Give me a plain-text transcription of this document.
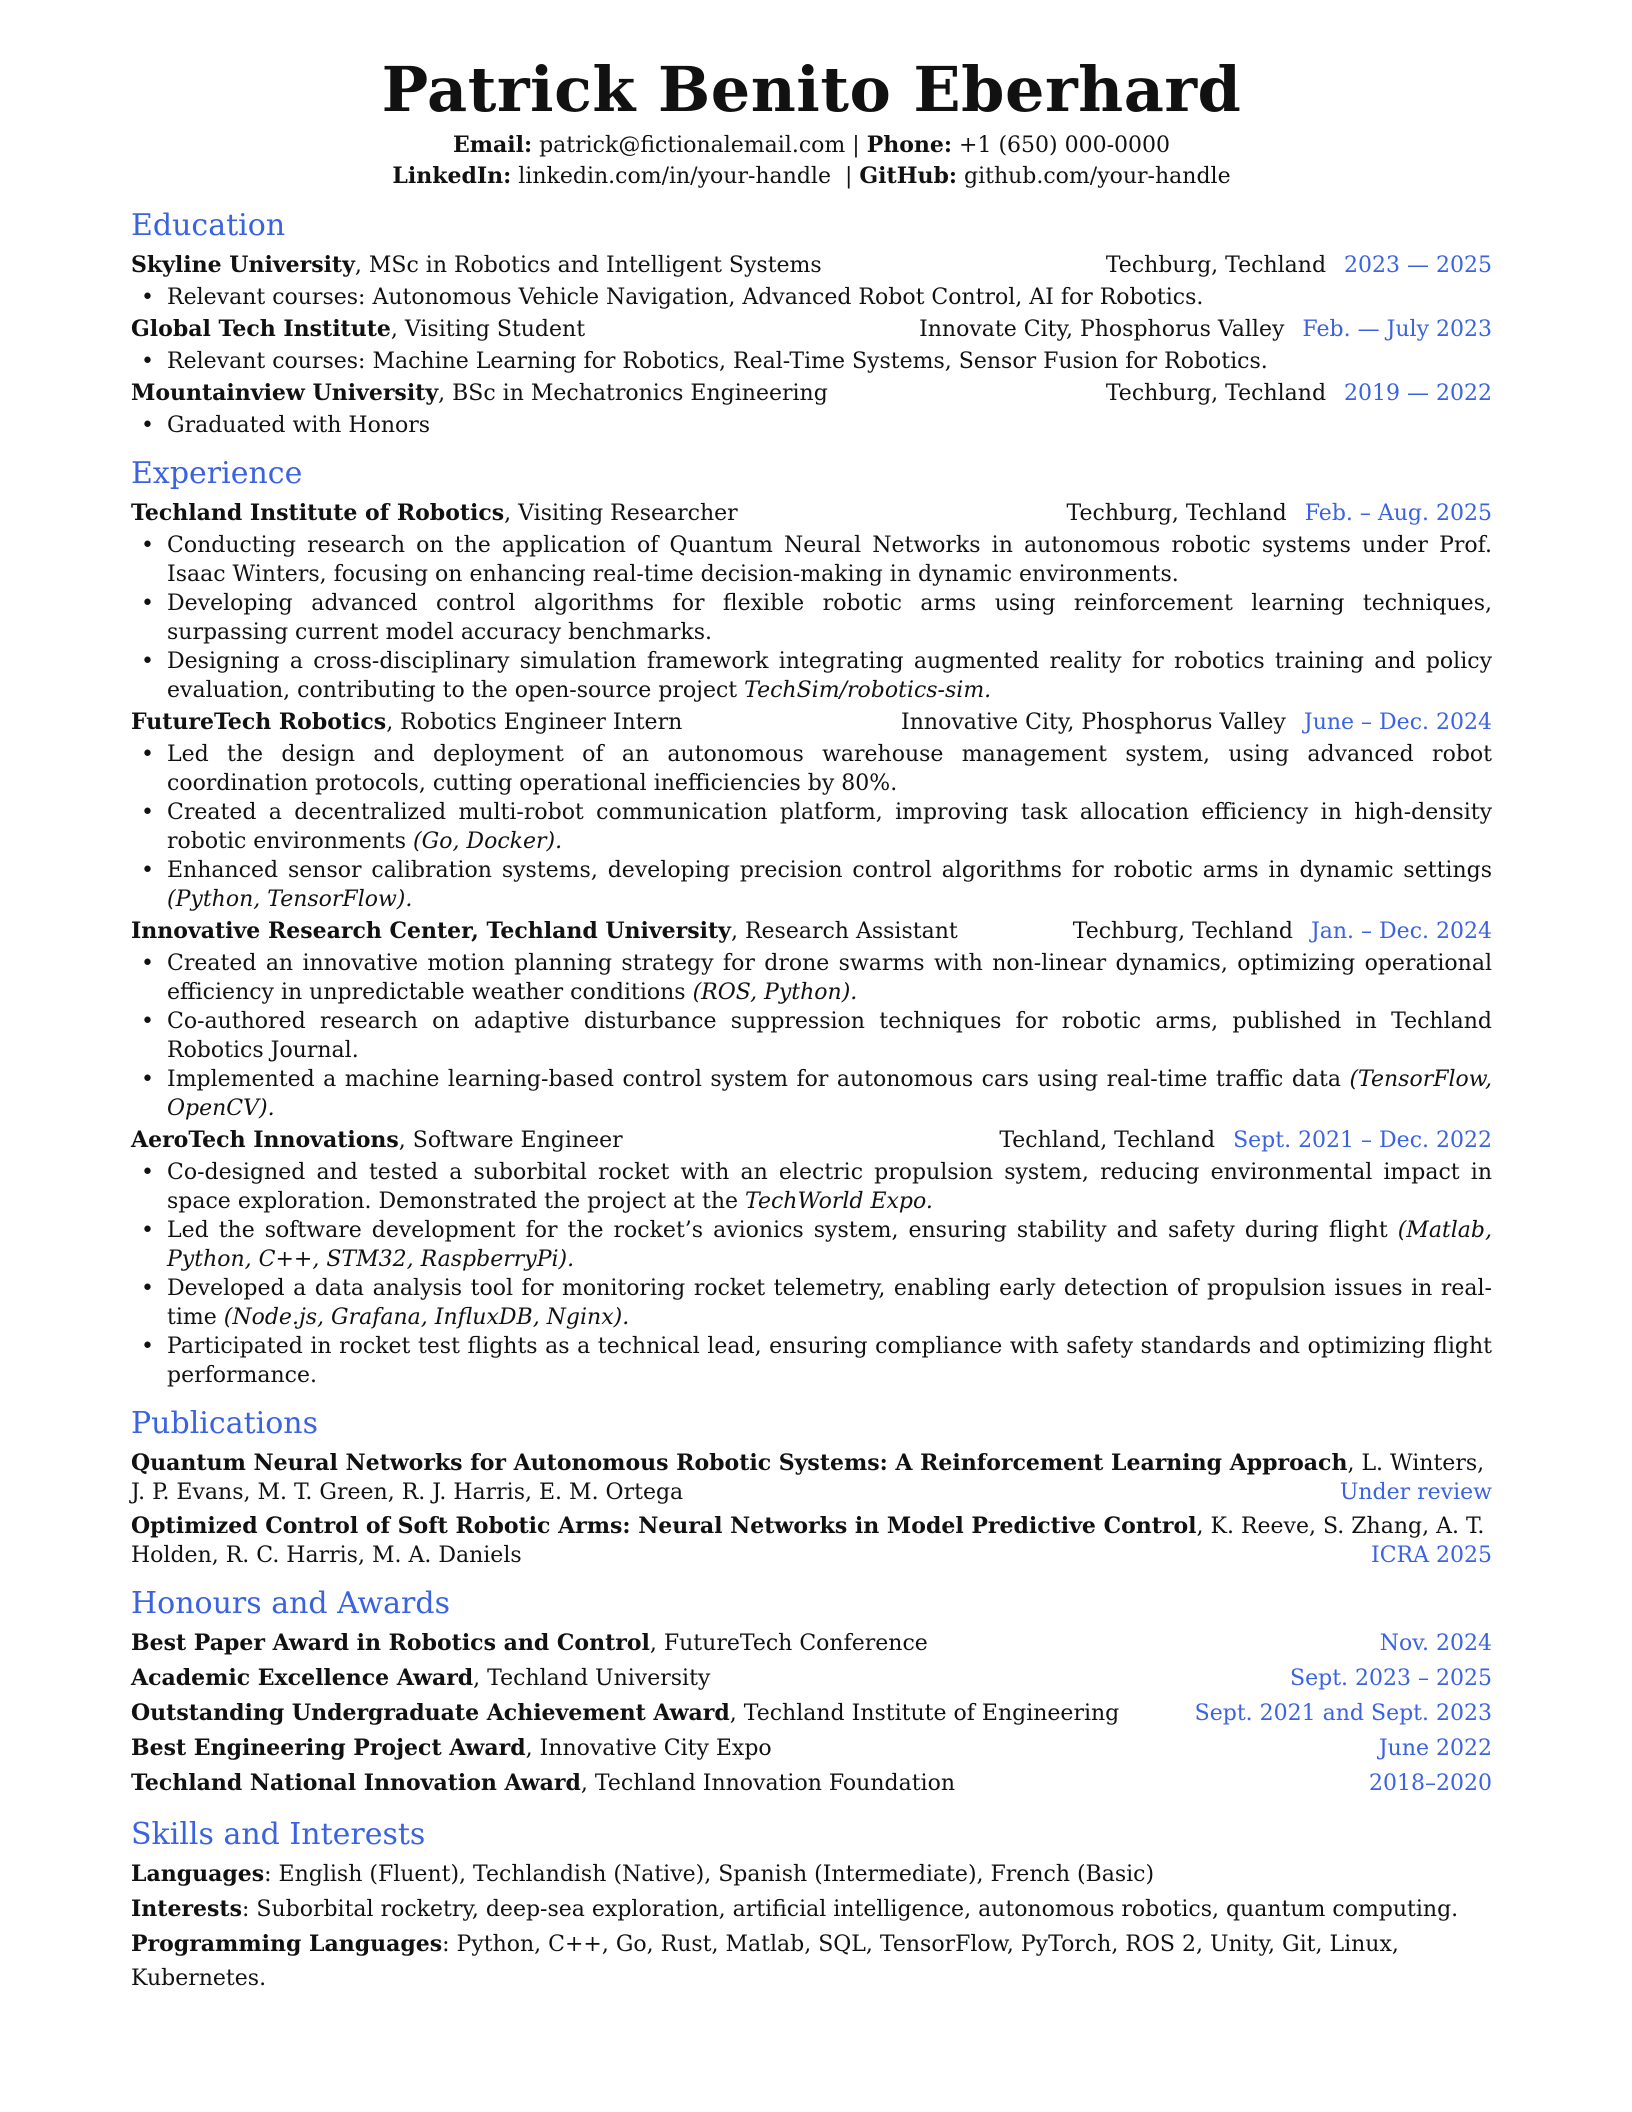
Patrick Benito Eberhard
Email: patrick@fictionalemail.com | Phone: +1 (650) 000-0000
LinkedIn: linkedin.com/in/your-handle  | GitHub: github.com/your-handle
Education
Skyline University , MSc in Robotics and Intelligent Systems	Techburg, Techland 2023 — 2025
• Relevant courses: Autonomous Vehicle Navigation, Advanced Robot Control, AI for Robotics.
Global Tech Institute , Visiting Student	Innovate City, Phosphorus Valley Feb. — July 2023
• Relevant courses: Machine Learning for Robotics, Real-Time Systems, Sensor Fusion for Robotics.
Mountainview University , BSc in Mechatronics Engineering	Techburg, Techland 2019 — 2022
• Graduated with Honors
Experience
Techland Institute of Robotics , Visiting Researcher	Techburg, Techland Feb. – Aug. 2025
• Conducting research on the application of Quantum Neural Networks in autonomous robotic systems under Prof. Isaac Winters, focusing on enhancing real-time decision-making in dynamic environments.
• Developing advanced control algorithms for flexible robotic arms using reinforcement learning techniques, surpassing current model accuracy benchmarks.
• Designing a cross-disciplinary simulation framework integrating augmented reality for robotics training and policy evaluation, contributing to the open-source project TechSim/robotics-sim.
FutureTech Robotics , Robotics Engineer Intern	Innovative City, Phosphorus Valley June – Dec. 2024
• Led the design and deployment of an autonomous warehouse management system, using advanced robot coordination protocols, cutting operational inefficiencies by 80%.
• Created a decentralized multi-robot communication platform, improving task allocation efficiency in high-density robotic environments (Go, Docker).
• Enhanced sensor calibration systems, developing precision control algorithms for robotic arms in dynamic settings (Python, TensorFlow).
Innovative Research Center, Techland University , Research Assistant	Techburg, Techland Jan. – Dec. 2024
• Created an innovative motion planning strategy for drone swarms with non-linear dynamics, optimizing operational efficiency in unpredictable weather conditions (ROS, Python).
• Co-authored research on adaptive disturbance suppression techniques for robotic arms, published in Techland Robotics Journal.
• Implemented a machine learning-based control system for autonomous cars using real-time traffic data (TensorFlow, OpenCV).
AeroTech Innovations , Software Engineer	Techland, Techland Sept. 2021 – Dec. 2022
• Co-designed and tested a suborbital rocket with an electric propulsion system, reducing environmental impact in space exploration. Demonstrated the project at the TechWorld Expo.
• Led the software development for the rocket’s avionics system, ensuring stability and safety during flight (Matlab, Python, C++, STM32, RaspberryPi).
• Developed a data analysis tool for monitoring rocket telemetry, enabling early detection of propulsion issues in real-time (Node.js, Grafana, InfluxDB, Nginx).
• Participated in rocket test flights as a technical lead, ensuring compliance with safety standards and optimizing flight performance.
Publications
Quantum Neural Networks for Autonomous Robotic Systems: A Reinforcement Learning Approach, L. Winters,
J. P. Evans, M. T. Green, R. J. Harris, E. M. Ortega	Under review
Optimized Control of Soft Robotic Arms: Neural Networks in Model Predictive Control, K. Reeve, S. Zhang, A. T.
Holden, R. C. Harris, M. A. Daniels	ICRA 2025
Honours and Awards
Best Paper Award in Robotics and Control , FutureTech Conference	Nov. 2024
Academic Excellence Award , Techland University	Sept. 2023 – 2025
Outstanding Undergraduate Achievement Award , Techland Institute of Engineering	Sept. 2021 and Sept. 2023
Best Engineering Project Award , Innovative City Expo	June 2022
Techland National Innovation Award , Techland Innovation Foundation	2018–2020
Skills and Interests
Languages: English (Fluent), Techlandish (Native), Spanish (Intermediate), French (Basic)
Interests: Suborbital rocketry, deep-sea exploration, artificial intelligence, autonomous robotics, quantum computing.
Programming Languages: Python, C++, Go, Rust, Matlab, SQL, TensorFlow, PyTorch, ROS 2, Unity, Git, Linux, Kubernetes.
